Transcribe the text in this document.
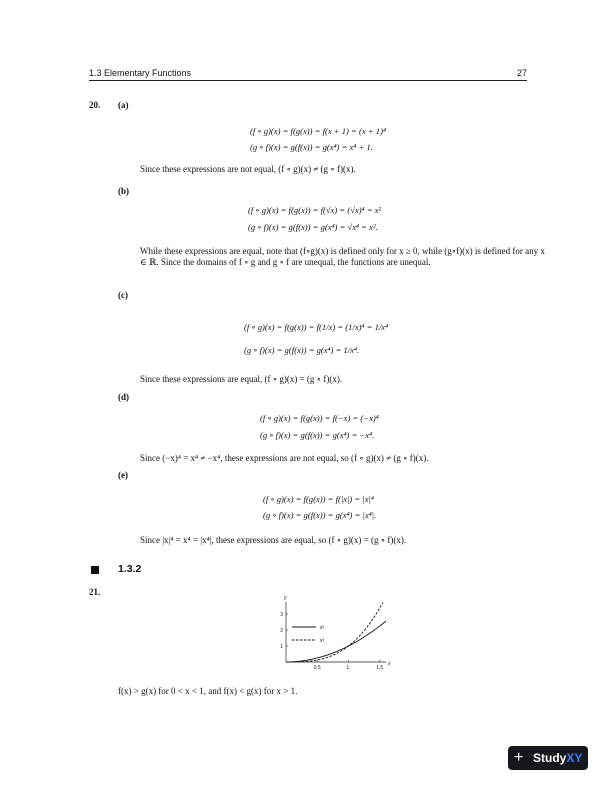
1.3 Elementary Functions	27
20. (a)
(f ∘ g)(x) = f(g(x)) = f(x + 1) = (x + 1)⁴
(g ∘ f)(x) = g(f(x)) = g(x⁴) = x⁴ + 1.
Since these expressions are not equal, (f ∘ g)(x) ≠ (g ∘ f)(x).
(b)
(f ∘ g)(x) = f(g(x)) = f(√x) = (√x)⁴ = x²
(g ∘ f)(x) = g(f(x)) = g(x⁴) = √x⁴ = x².
While these expressions are equal, note that (f∘g)(x) is defined only for x ≥ 0, while (g∘f)(x) is defined for any x ∈ ℝ. Since the domains of f ∘ g and g ∘ f are unequal, the functions are unequal.
(c)
(f ∘ g)(x) = f(g(x)) = f(1/x) = (1/x)⁴ = 1/x⁴
(g ∘ f)(x) = g(f(x)) = g(x⁴) = 1/x⁴.
Since these expressions are equal, (f ∘ g)(x) = (g ∘ f)(x).
(d)
(f ∘ g)(x) = f(g(x)) = f(−x) = (−x)⁴
(g ∘ f)(x) = g(f(x)) = g(x⁴) = −x⁴.
Since (−x)⁴ = x⁴ ≠ −x⁴, these expressions are not equal, so (f ∘ g)(x) ≠ (g ∘ f)(x).
(e)
(f ∘ g)(x) = f(g(x)) = f(|x|) = |x|⁴
(g ∘ f)(x) = g(f(x)) = g(x⁴) = |x⁴|.
Since |x|⁴ = x⁴ = |x⁴|, these expressions are equal, so (f ∘ g)(x) = (g ∘ f)(x).
1.3.2
21.
x
y
0.5	1.	1.5
1
2
3
x²
x³
f(x) > g(x) for 0 < x < 1, and f(x) < g(x) for x > 1.
+ StudyXY
